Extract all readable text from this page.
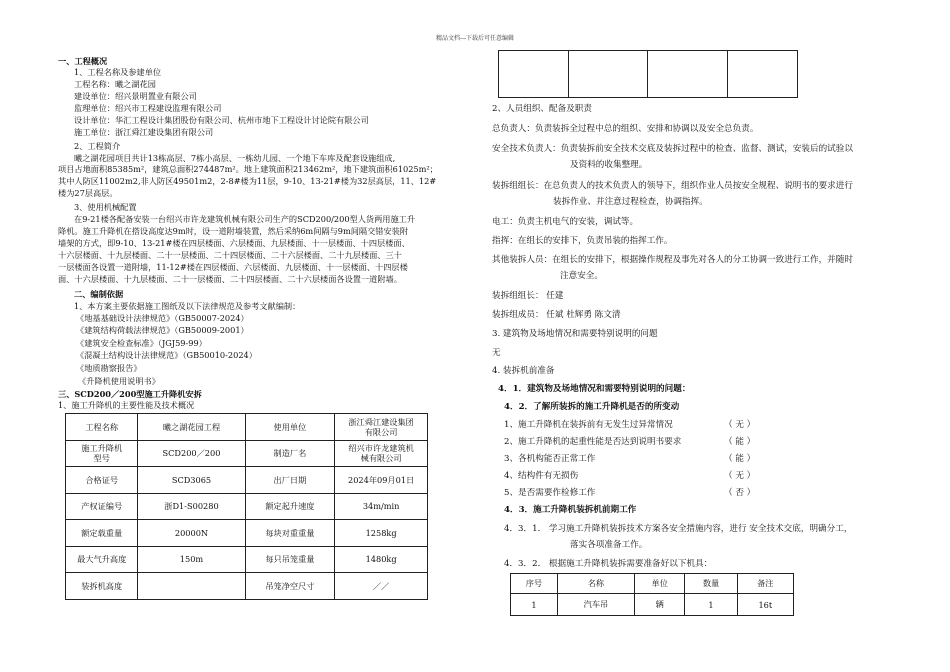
精品文档---下载后可任意编辑
一、工程概况
1、工程名称及参建单位
工程名称：曦之湖花园
建设单位：绍兴景明置业有限公司
监理单位：绍兴市工程建设监理有限公司
设计单位：华汇工程设计集团股份有限公司、杭州市地下工程设计讨论院有限公司
施工单位：浙江舜江建设集团有限公司
2、工程简介
曦之湖花园项目共计13栋高层、7栋小高层、一栋幼儿园、一个地下车库及配套设施组成,
项目占地面积85385m²，建筑总面积274487m²。地上建筑面积213462m²，地下建筑面积61025m²；
其中人防区11002m2,非人防区49501m2，2-8#楼为11层，9-10、13-21#楼为32层高层，11、12#
楼为27层高层。
3、使用机械配置
在9-21楼各配备安装一台绍兴市许龙建筑机械有限公司生产的SCD200/200型人货两用施工升
降机。施工升降机在搭设高度达9m时，设一道附墙装置，然后采纳6m间隔与9m间隔交错安装附
墙架的方式，即9-10、13-21#楼在四层楼面、六层楼面、九层楼面、十一层楼面、十四层楼面、
十六层楼面、十九层楼面、二十一层楼面、二十四层楼面、二十六层楼面、二十九层楼面、三十
一层楼面各设置一道附墙，11-12#楼在四层楼面、六层楼面、九层楼面、十一层楼面、十四层楼
面、十六层楼面、十九层楼面、二十一层楼面、二十四层楼面、二十六层楼面各设置一道附墙。
二、编制依据
1、本方案主要依据施工图纸及以下法律规范及参考文献编制：
《地基基础设计法律规范》（GB50007-2024）
《建筑结构荷载法律规范》（GB50009-2001）
《建筑安全检查标准》（JGJ59-99）
《混凝土结构设计法律规范》（GB50010-2024）
《地质勘察报告》
《升降机使用说明书》
三、SCD200／200型施工升降机安拆
1、施工升降机的主要性能及技术概况
工程名称	曦之湖花园工程	使用单位	浙江舜江建设集团
有限公司
施工升降机
型号	SCD200／200	制造厂名	绍兴市许龙建筑机
械有限公司
合格证号	SCD3065	出厂日期	2024年09月01日
产权证编号	浙D1-S00280	额定起升速度	34m/min
额定载重量	20000N	每块对重重量	1258kg
最大气升高度	150m	每只吊笼重量	1480kg
装拆机高度		吊笼净空尺寸	／／

2、人员组织、配备及职责
总负责人：负责装拆全过程中总的组织、安排和协调以及安全总负责。
安全技术负责人：负责装拆前安全技术交底及装拆过程中的检查、监督、测试，安装后的试验以
及资料的收集整理。
装拆组组长：在总负责人的技术负责人的领导下，组织作业人员按安全规程、说明书的要求进行
装拆作业、并注意过程检查，协调指挥。
电工：负责主机电气的安装，调试等。
指挥：在组长的安排下，负责吊装的指挥工作。
其他装拆人员：在组长的安排下，根据操作规程及事先对各人的分工协调一致进行工作，并随时
注意安全。
装拆组组长： 任建
装拆组成员： 任斌 杜辉勇 陈文清
3. 建筑物及场地情况和需要特别说明的问题
无
4. 装拆机前准备
4．1．建筑物及场地情况和需要特别说明的问题：
4．2．了解所装拆的施工升降机是否的所变动
1、施工升降机在装拆前有无发生过异常情况	（ 无 ）
2、施工升降机的起重性能是否达到说明书要求	（ 能 ）
3、各机构能否正常工作	（ 能 ）
4、结构件有无损伤	（ 无 ）
5、是否需要作检修工作	（ 否 ）
4．3．施工升降机装拆机前期工作
4．3．1． 学习施工升降机装拆技术方案各安全措施内容，进行 安全技术交底，明确分工，
落实各项准备工作。
4．3．2． 根据施工升降机装拆需要准备好以下机具：
序号	名称	单位	数量	备注
1	汽车吊	辆	1	16t
